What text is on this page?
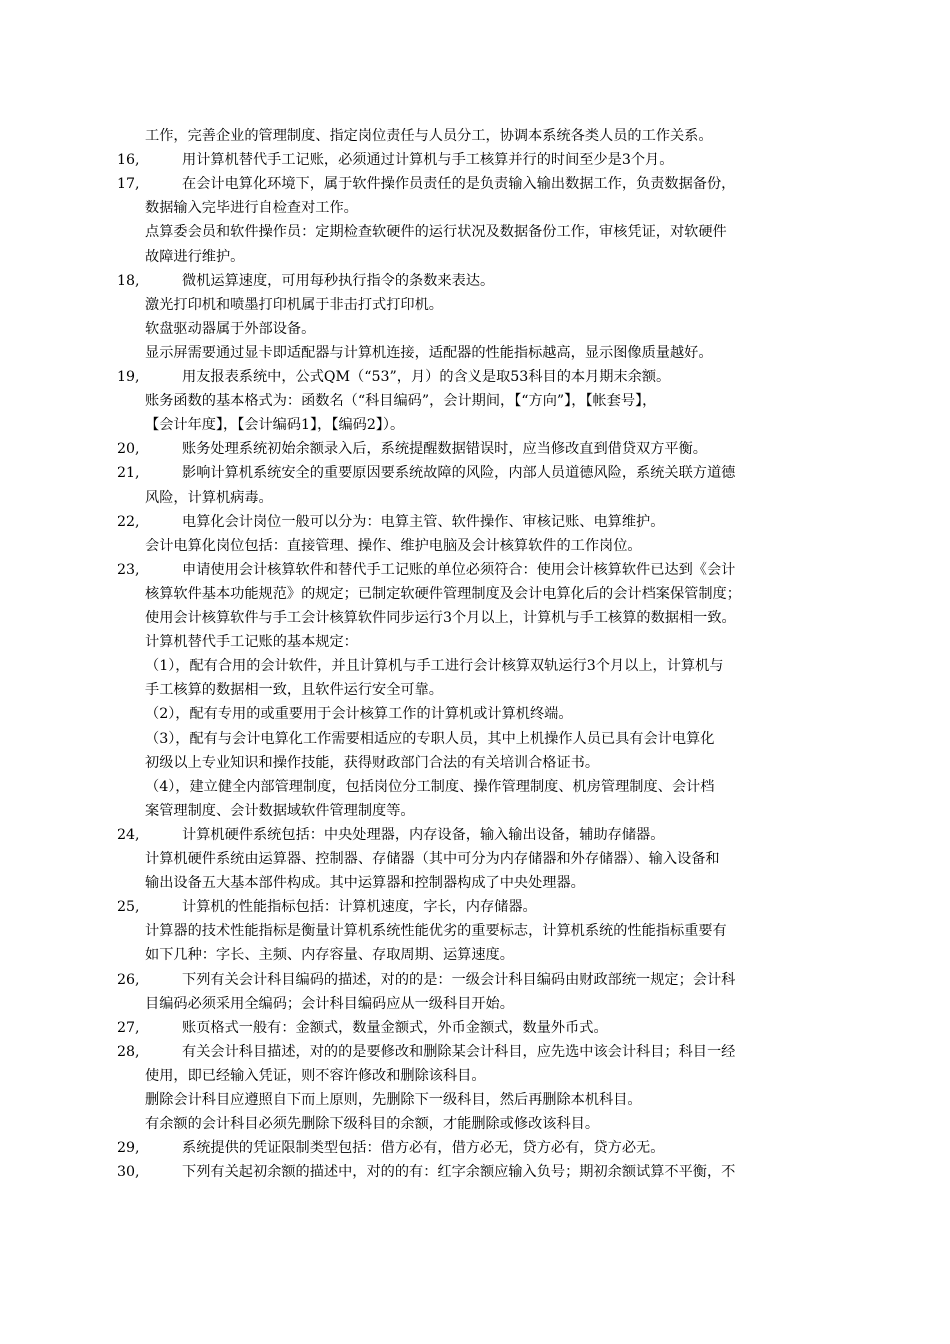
工作，完善企业的管理制度、指定岗位责任与人员分工，协调本系统各类人员的工作关系。
16,	用计算机替代手工记账，必须通过计算机与手工核算并行的时间至少是3个月。
17,	在会计电算化环境下，属于软件操作员责任的是负责输入输出数据工作，负责数据备份，
数据输入完毕进行自检查对工作。
点算委会员和软件操作员：定期检查软硬件的运行状况及数据备份工作，审核凭证，对软硬件
故障进行维护。
18,	微机运算速度，可用每秒执行指令的条数来表达。
激光打印机和喷墨打印机属于非击打式打印机。
软盘驱动器属于外部设备。
显示屏需要通过显卡即适配器与计算机连接，适配器的性能指标越高，显示图像质量越好。
19,	用友报表系统中，公式QM（“53”，月）的含义是取53科目的本月期末余额。
账务函数的基本格式为：函数名（“科目编码”，会计期间，【“方向”】，【帐套号】，
【会计年度】，【会计编码1】，【编码2】）。
20,	账务处理系统初始余额录入后，系统提醒数据错误时，应当修改直到借贷双方平衡。
21,	影响计算机系统安全的重要原因要系统故障的风险，内部人员道德风险，系统关联方道德
风险，计算机病毒。
22,	电算化会计岗位一般可以分为：电算主管、软件操作、审核记账、电算维护。
会计电算化岗位包括：直接管理、操作、维护电脑及会计核算软件的工作岗位。
23,	申请使用会计核算软件和替代手工记账的单位必须符合：使用会计核算软件已达到《会计
核算软件基本功能规范》的规定；已制定软硬件管理制度及会计电算化后的会计档案保管制度；
使用会计核算软件与手工会计核算软件同步运行3个月以上，计算机与手工核算的数据相一致。
计算机替代手工记账的基本规定：
（1），配有合用的会计软件，并且计算机与手工进行会计核算双轨运行3个月以上，计算机与
手工核算的数据相一致，且软件运行安全可靠。
（2），配有专用的或重要用于会计核算工作的计算机或计算机终端。
（3），配有与会计电算化工作需要相适应的专职人员，其中上机操作人员已具有会计电算化
初级以上专业知识和操作技能，获得财政部门合法的有关培训合格证书。
（4），建立健全内部管理制度，包括岗位分工制度、操作管理制度、机房管理制度、会计档
案管理制度、会计数据域软件管理制度等。
24,	计算机硬件系统包括：中央处理器，内存设备，输入输出设备，辅助存储器。
计算机硬件系统由运算器、控制器、存储器（其中可分为内存储器和外存储器）、输入设备和
输出设备五大基本部件构成。其中运算器和控制器构成了中央处理器。
25,	计算机的性能指标包括：计算机速度，字长，内存储器。
计算器的技术性能指标是衡量计算机系统性能优劣的重要标志，计算机系统的性能指标重要有
如下几种：字长、主频、内存容量、存取周期、运算速度。
26,	下列有关会计科目编码的描述，对的的是：一级会计科目编码由财政部统一规定；会计科
目编码必须采用全编码；会计科目编码应从一级科目开始。
27,	账页格式一般有：金额式，数量金额式，外币金额式，数量外币式。
28,	有关会计科目描述，对的的是要修改和删除某会计科目，应先选中该会计科目；科目一经
使用，即已经输入凭证，则不容许修改和删除该科目。
删除会计科目应遵照自下而上原则，先删除下一级科目，然后再删除本机科目。
有余额的会计科目必须先删除下级科目的余额，才能删除或修改该科目。
29,	系统提供的凭证限制类型包括：借方必有，借方必无，贷方必有，贷方必无。
30,	下列有关起初余额的描述中，对的的有：红字余额应输入负号；期初余额试算不平衡，不
